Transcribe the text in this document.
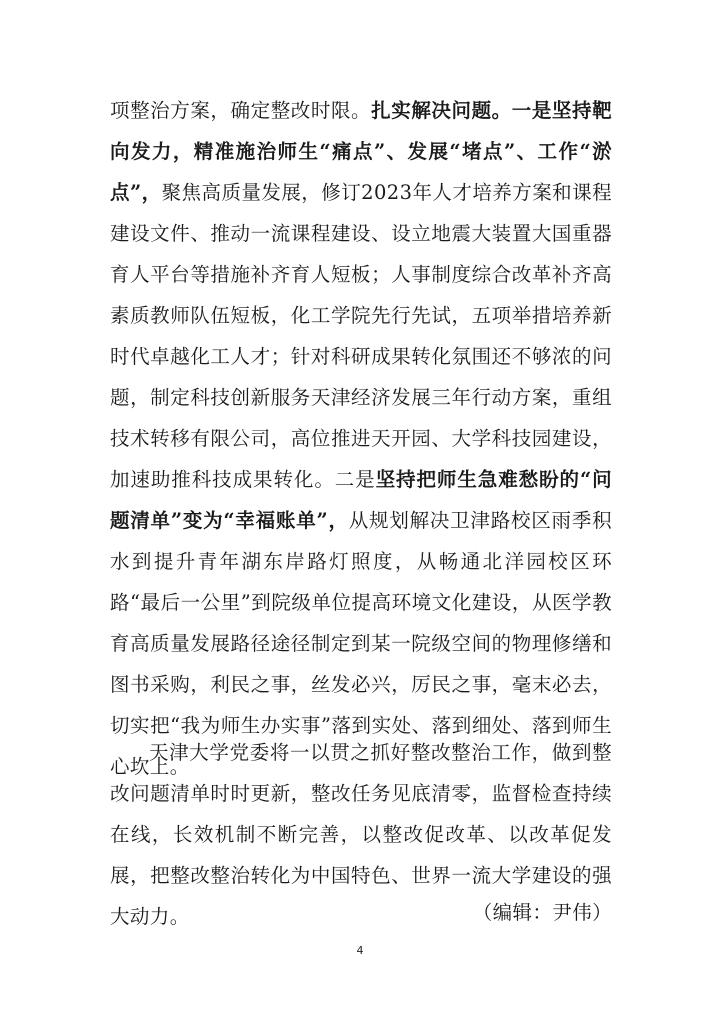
项整治方案，确定整改时限。扎实解决问题。一是坚持靶向发力，精准施治师生“痛点”、发展“堵点”、工作“淤点”，聚焦高质量发展，修订2023年人才培养方案和课程建设文件、推动一流课程建设、设立地震大装置大国重器育人平台等措施补齐育人短板；人事制度综合改革补齐高素质教师队伍短板，化工学院先行先试，五项举措培养新时代卓越化工人才；针对科研成果转化氛围还不够浓的问题，制定科技创新服务天津经济发展三年行动方案，重组技术转移有限公司，高位推进天开园、大学科技园建设，加速助推科技成果转化。二是坚持把师生急难愁盼的“问题清单”变为“幸福账单”，从规划解决卫津路校区雨季积水到提升青年湖东岸路灯照度，从畅通北洋园校区环路“最后一公里”到院级单位提高环境文化建设，从医学教育高质量发展路径途径制定到某一院级空间的物理修缮和图书采购，利民之事，丝发必兴，厉民之事，毫末必去，切实把“我为师生办实事”落到实处、落到细处、落到师生心坎上。
天津大学党委将一以贯之抓好整改整治工作，做到整改问题清单时时更新，整改任务见底清零，监督检查持续在线，长效机制不断完善，以整改促改革、以改革促发展，把整改整治转化为中国特色、世界一流大学建设的强大动力。	（编辑：尹伟）
4
